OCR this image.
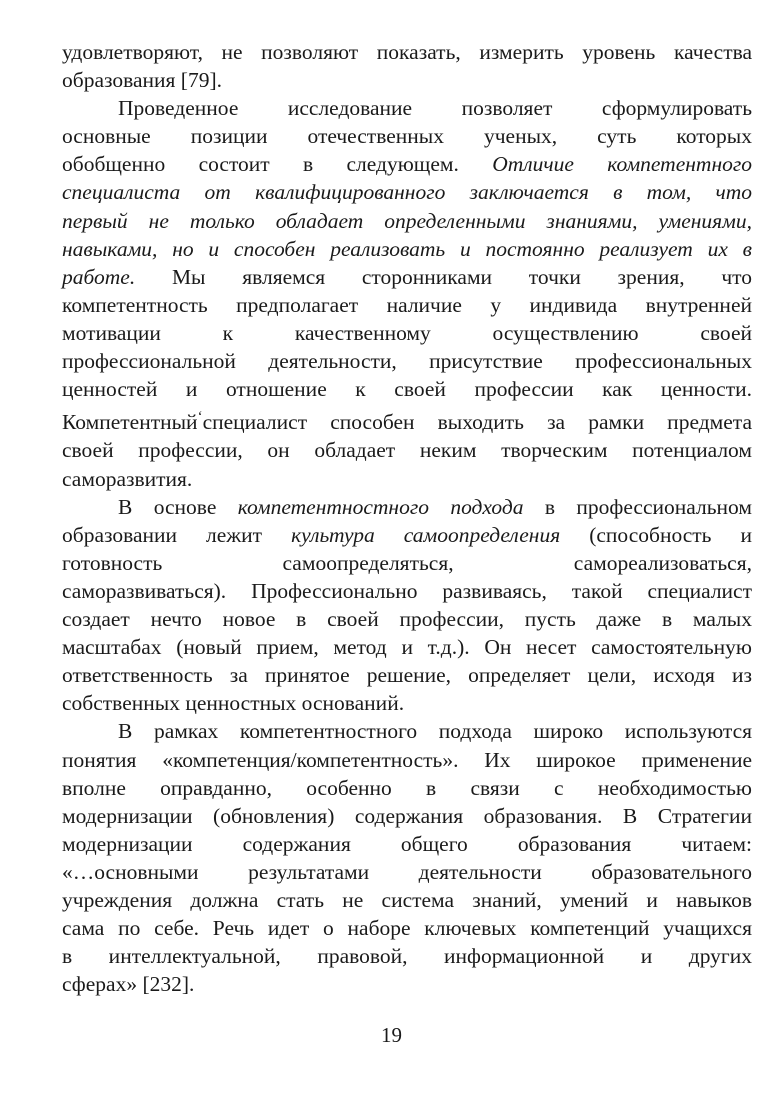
удовлетворяют, не позволяют показать, измерить уровень качества
образования [79].
Проведенное исследование позволяет сформулировать
основные позиции отечественных ученых, суть которых
обобщенно состоит в следующем. Отличие компетентного
специалиста от квалифицированного заключается в том, что
первый не только обладает определенными знаниями, умениями,
навыками, но и способен реализовать и постоянно реализует их в
работе. Мы являемся сторонниками точки зрения, что
компетентность предполагает наличие у индивида внутренней
мотивации к качественному осуществлению своей
профессиональной деятельности, присутствие профессиональных
ценностей и отношение к своей профессии как ценности.
Компетентный$^ʻ$специалист способен выходить за рамки предмета
своей профессии, он обладает неким творческим потенциалом
саморазвития.
В основе компетентностного подхода в профессиональном
образовании лежит культура самоопределения (способность и
готовность самоопределяться, самореализоваться,
саморазвиваться). Профессионально развиваясь, такой специалист
создает нечто новое в своей профессии, пусть даже в малых
масштабах (новый прием, метод и т.д.). Он несет самостоятельную
ответственность за принятое решение, определяет цели, исходя из
собственных ценностных оснований.
В рамках компетентностного подхода широко используются
понятия «компетенция/компетентность». Их широкое применение
вполне оправданно, особенно в связи с необходимостью
модернизации (обновления) содержания образования. В Стратегии
модернизации содержания общего образования читаем:
«…основными результатами деятельности образовательного
учреждения должна стать не система знаний, умений и навыков
сама по себе. Речь идет о наборе ключевых компетенций учащихся
в интеллектуальной, правовой, информационной и других
сферах» [232].
19
